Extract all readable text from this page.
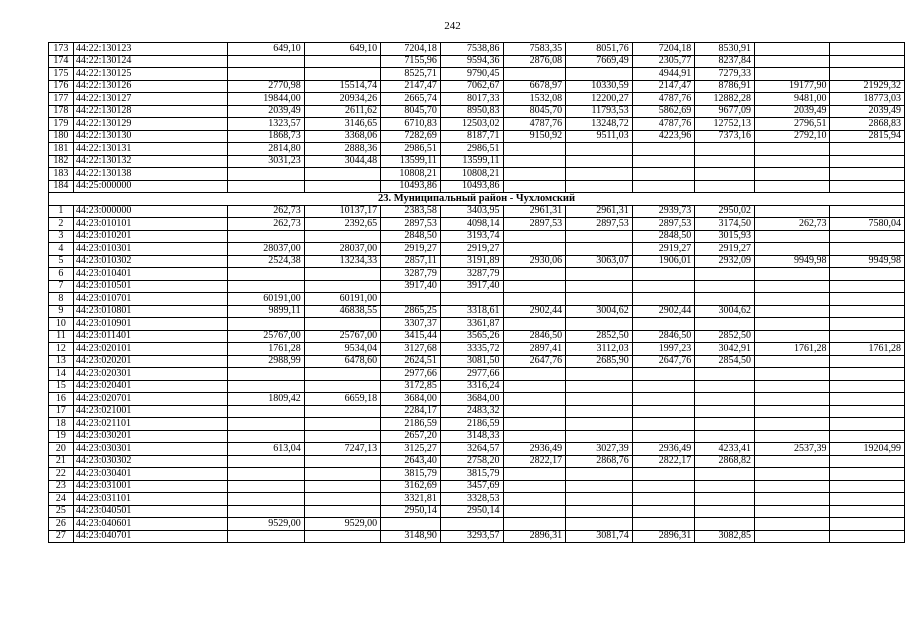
242
173	44:22:130123	649,10	649,10	7204,18	7538,86	7583,35	8051,76	7204,18	8530,91		
174	44:22:130124			7155,96	9594,36	2876,08	7669,49	2305,77	8237,84		
175	44:22:130125			8525,71	9790,45			4944,91	7279,33		
176	44:22:130126	2770,98	15514,74	2147,47	7062,67	6678,97	10330,59	2147,47	8786,91	19177,90	21929,32
177	44:22:130127	19844,00	20934,26	2665,74	8017,33	1532,08	12200,27	4787,76	12882,28	9481,00	18773,03
178	44:22:130128	2039,49	2611,62	8045,70	8950,83	8045,70	11793,53	5862,69	9677,09	2039,49	2039,49
179	44:22:130129	1323,57	3146,65	6710,83	12503,02	4787,76	13248,72	4787,76	12752,13	2796,51	2868,83
180	44:22:130130	1868,73	3368,06	7282,69	8187,71	9150,92	9511,03	4223,96	7373,16	2792,10	2815,94
181	44:22:130131	2814,80	2888,36	2986,51	2986,51						
182	44:22:130132	3031,23	3044,48	13599,11	13599,11						
183	44:22:130138			10808,21	10808,21						
184	44:25:000000			10493,86	10493,86						
23. Муниципальный район - Чухломский											
1	44:23:000000	262,73	10137,17	2383,58	3403,95	2961,31	2961,31	2939,73	2950,02		
2	44:23:010101	262,73	2392,65	2897,53	4098,14	2897,53	2897,53	2897,53	3174,50	262,73	7580,04
3	44:23:010201			2848,50	3193,74			2848,50	3015,93		
4	44:23:010301	28037,00	28037,00	2919,27	2919,27			2919,27	2919,27		
5	44:23:010302	2524,38	13234,33	2857,11	3191,89	2930,06	3063,07	1906,01	2932,09	9949,98	9949,98
6	44:23:010401			3287,79	3287,79						
7	44:23:010501			3917,40	3917,40						
8	44:23:010701	60191,00	60191,00								
9	44:23:010801	9899,11	46838,55	2865,25	3318,61	2902,44	3004,62	2902,44	3004,62		
10	44:23:010901			3307,37	3361,87						
11	44:23:011401	25767,00	25767,00	3415,44	3565,26	2846,50	2852,50	2846,50	2852,50		
12	44:23:020101	1761,28	9534,04	3127,68	3335,72	2897,41	3112,03	1997,23	3042,91	1761,28	1761,28
13	44:23:020201	2988,99	6478,60	2624,51	3081,50	2647,76	2685,90	2647,76	2854,50		
14	44:23:020301			2977,66	2977,66						
15	44:23:020401			3172,85	3316,24						
16	44:23:020701	1809,42	6659,18	3684,00	3684,00						
17	44:23:021001			2284,17	2483,32						
18	44:23:021101			2186,59	2186,59						
19	44:23:030201			2657,20	3148,33						
20	44:23:030301	613,04	7247,13	3125,27	3264,57	2936,49	3027,39	2936,49	4233,41	2537,39	19204,99
21	44:23:030302			2643,40	2758,20	2822,17	2868,76	2822,17	2868,82		
22	44:23:030401			3815,79	3815,79						
23	44:23:031001			3162,69	3457,69						
24	44:23:031101			3321,81	3328,53						
25	44:23:040501			2950,14	2950,14						
26	44:23:040601	9529,00	9529,00								
27	44:23:040701			3148,90	3293,57	2896,31	3081,74	2896,31	3082,85		
